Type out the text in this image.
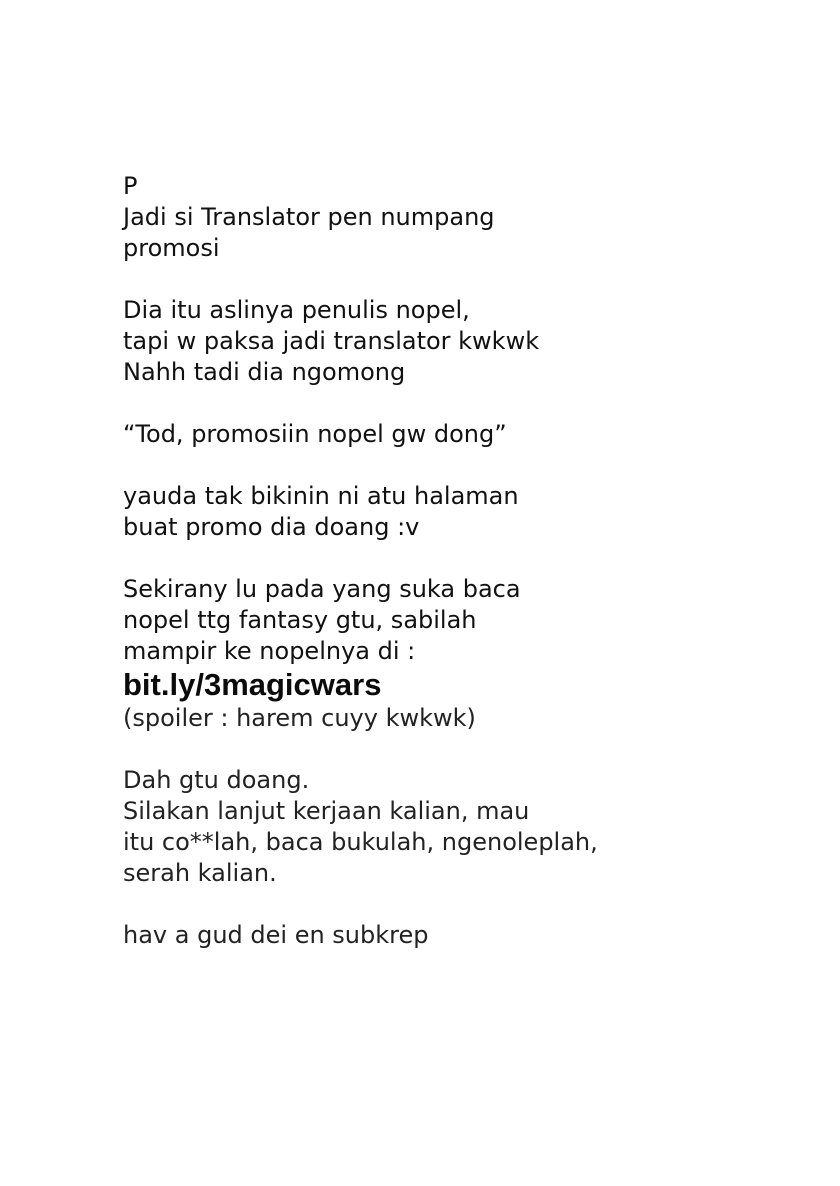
P
Jadi si Translator pen numpang
promosi
Dia itu aslinya penulis nopel,
tapi w paksa jadi translator kwkwk
Nahh tadi dia ngomong
“Tod, promosiin nopel gw dong”
yauda tak bikinin ni atu halaman
buat promo dia doang :v
Sekirany lu pada yang suka baca
nopel ttg fantasy gtu, sabilah
mampir ke nopelnya di :
bit.ly/3magicwars
(spoiler : harem cuyy kwkwk)
Dah gtu doang.
Silakan lanjut kerjaan kalian, mau
itu co**lah, baca bukulah, ngenoleplah,
serah kalian.
hav a gud dei en subkrep
